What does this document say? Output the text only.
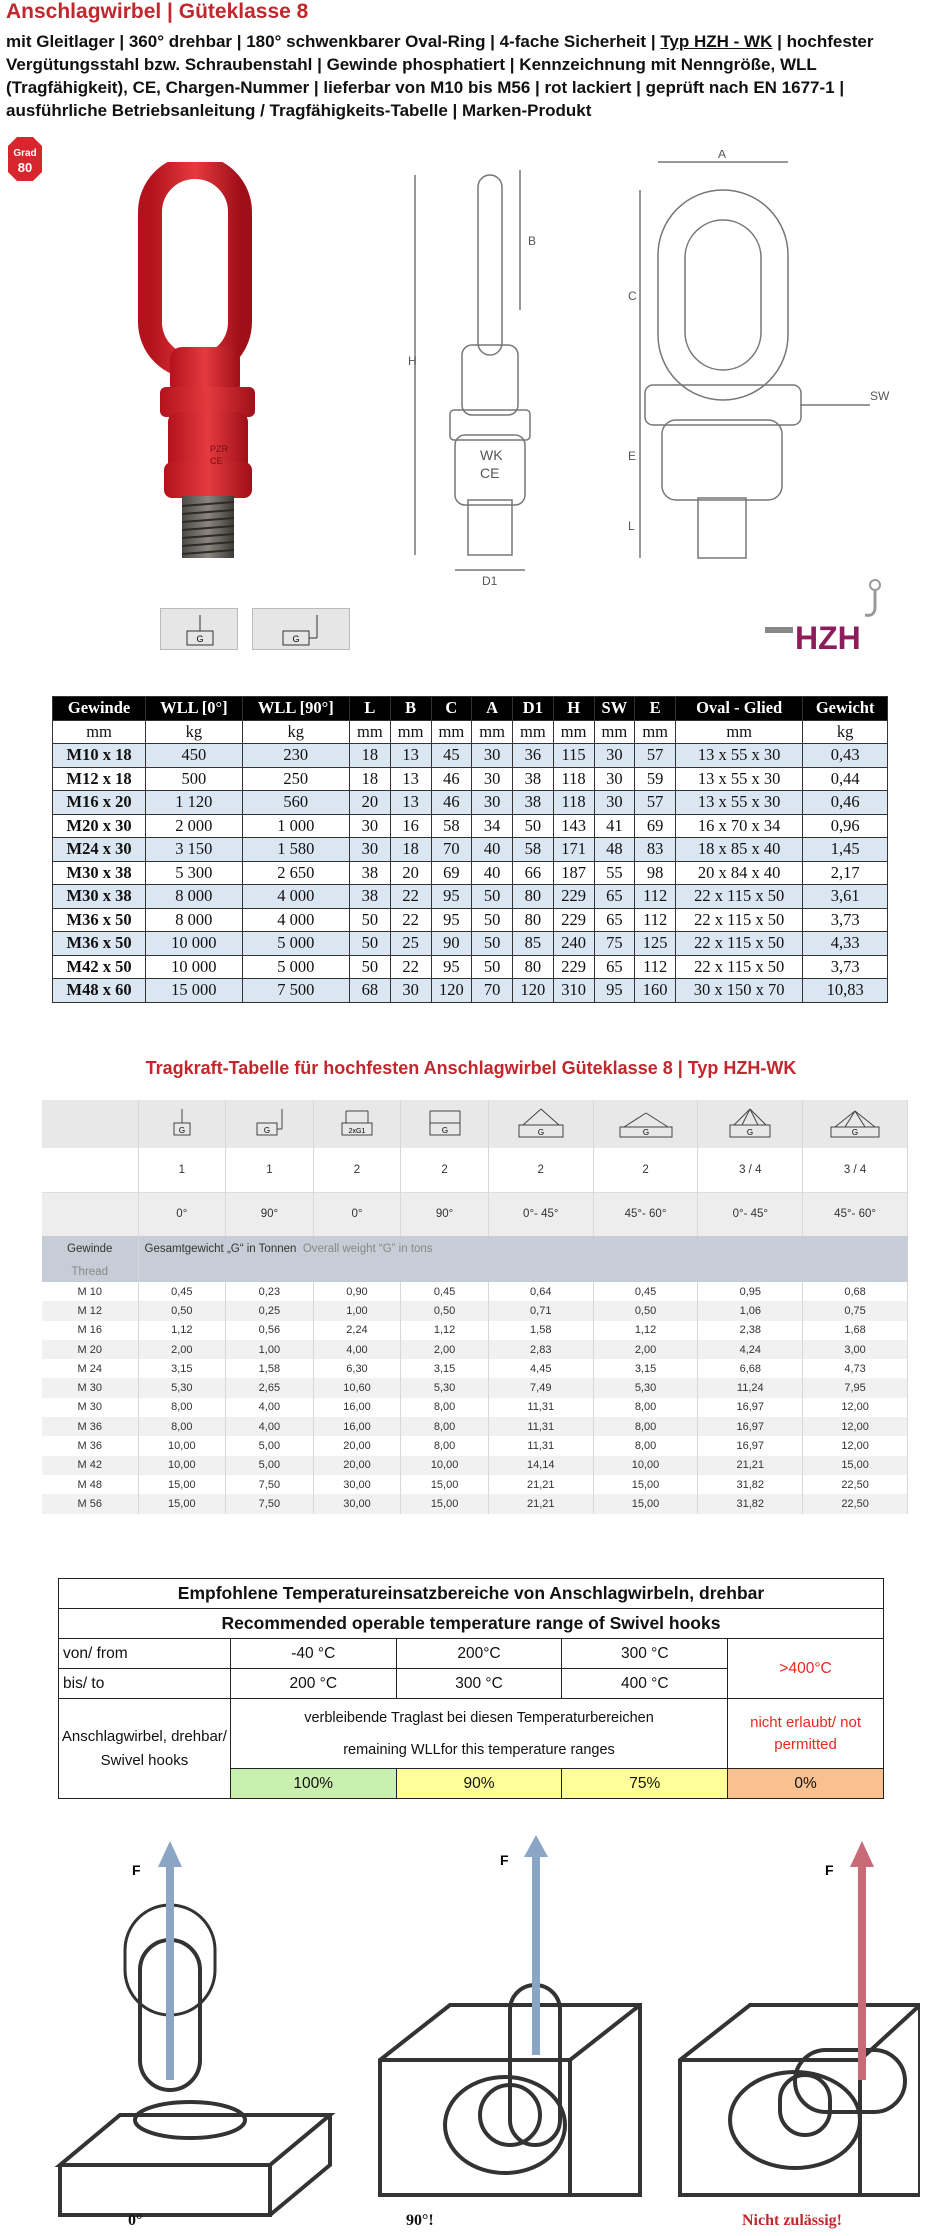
Anschlagwirbel | Güteklasse 8
mit Gleitlager | 360° drehbar | 180° schwenkbarer Oval-Ring | 4-fache Sicherheit | Typ HZH - WK | hochfester Vergütungsstahl bzw. Schraubenstahl | Gewinde phosphatiert | Kennzeichnung mit Nenngröße, WLL (Tragfähigkeit), CE, Chargen-Nummer | lieferbar von M10 bis M56 | rot lackiert | geprüft nach EN 1677-1 | ausführliche Betriebsanleitung / Tragfähigkeits-Tabelle | Marken-Produkt
Grad
80
PZR
CE
H
B
A
C
E
L
D1
SW
WK
CE
HZH
G	G
Gewinde	WLL [0°]	WLL [90°]	L	B	C	A	D1	H	SW	E	Oval - Glied	Gewicht
mm	kg	kg	mm	mm	mm	mm	mm	mm	mm	mm	mm	kg
M10 x 18	450	230	18	13	45	30	36	115	30	57	13 x 55 x 30	0,43
M12 x 18	500	250	18	13	46	30	38	118	30	59	13 x 55 x 30	0,44
M16 x 20	1 120	560	20	13	46	30	38	118	30	57	13 x 55 x 30	0,46
M20 x 30	2 000	1 000	30	16	58	34	50	143	41	69	16 x 70 x 34	0,96
M24 x 30	3 150	1 580	30	18	70	40	58	171	48	83	18 x 85 x 40	1,45
M30 x 38	5 300	2 650	38	20	69	40	66	187	55	98	20 x 84 x 40	2,17
M30 x 38	8 000	4 000	38	22	95	50	80	229	65	112	22 x 115 x 50	3,61
M36 x 50	8 000	4 000	50	22	95	50	80	229	65	112	22 x 115 x 50	3,73
M36 x 50	10 000	5 000	50	25	90	50	85	240	75	125	22 x 115 x 50	4,33
M42 x 50	10 000	5 000	50	22	95	50	80	229	65	112	22 x 115 x 50	3,73
M48 x 60	15 000	7 500	68	30	120	70	120	310	95	160	30 x 150 x 70	10,83
Tragkraft-Tabelle für hochfesten Anschlagwirbel Güteklasse 8 | Typ HZH-WK

G	G	2xG1	G	G	G	G	G

	1	1	2	2	2	2	3 / 4	3 / 4
	0°	90°	0°	90°	0°- 45°	45°- 60°	0°- 45°	45°- 60°
Gewinde	Gesamtgewicht „G“ in Tonnen Overall weight “G” in tons							
Thread								
M 10	0,45	0,23	0,90	0,45	0,64	0,45	0,95	0,68
M 12	0,50	0,25	1,00	0,50	0,71	0,50	1,06	0,75
M 16	1,12	0,56	2,24	1,12	1,58	1,12	2,38	1,68
M 20	2,00	1,00	4,00	2,00	2,83	2,00	4,24	3,00
M 24	3,15	1,58	6,30	3,15	4,45	3,15	6,68	4,73
M 30	5,30	2,65	10,60	5,30	7,49	5,30	11,24	7,95
M 30	8,00	4,00	16,00	8,00	11,31	8,00	16,97	12,00
M 36	8,00	4,00	16,00	8,00	11,31	8,00	16,97	12,00
M 36	10,00	5,00	20,00	8,00	11,31	8,00	16,97	12,00
M 42	10,00	5,00	20,00	10,00	14,14	10,00	21,21	15,00
M 48	15,00	7,50	30,00	15,00	21,21	15,00	31,82	22,50
M 56	15,00	7,50	30,00	15,00	21,21	15,00	31,82	22,50
Empfohlene Temperatureinsatzbereiche von Anschlagwirbeln, drehbar				
Recommended operable temperature range of Swivel hooks				
von/ from	-40 °C	200°C	300 °C	>400°C
bis/ to	200 °C	300 °C	400 °C	
Anschlagwirbel, drehbar/ Swivel hooks	verbleibende Traglast bei diesen Temperaturbereichen
remaining WLLfor this temperature ranges			nicht erlaubt/ not permitted
	100%	90%	75%	0%
F
F
F
0°	90°!	Nicht zulässig!
